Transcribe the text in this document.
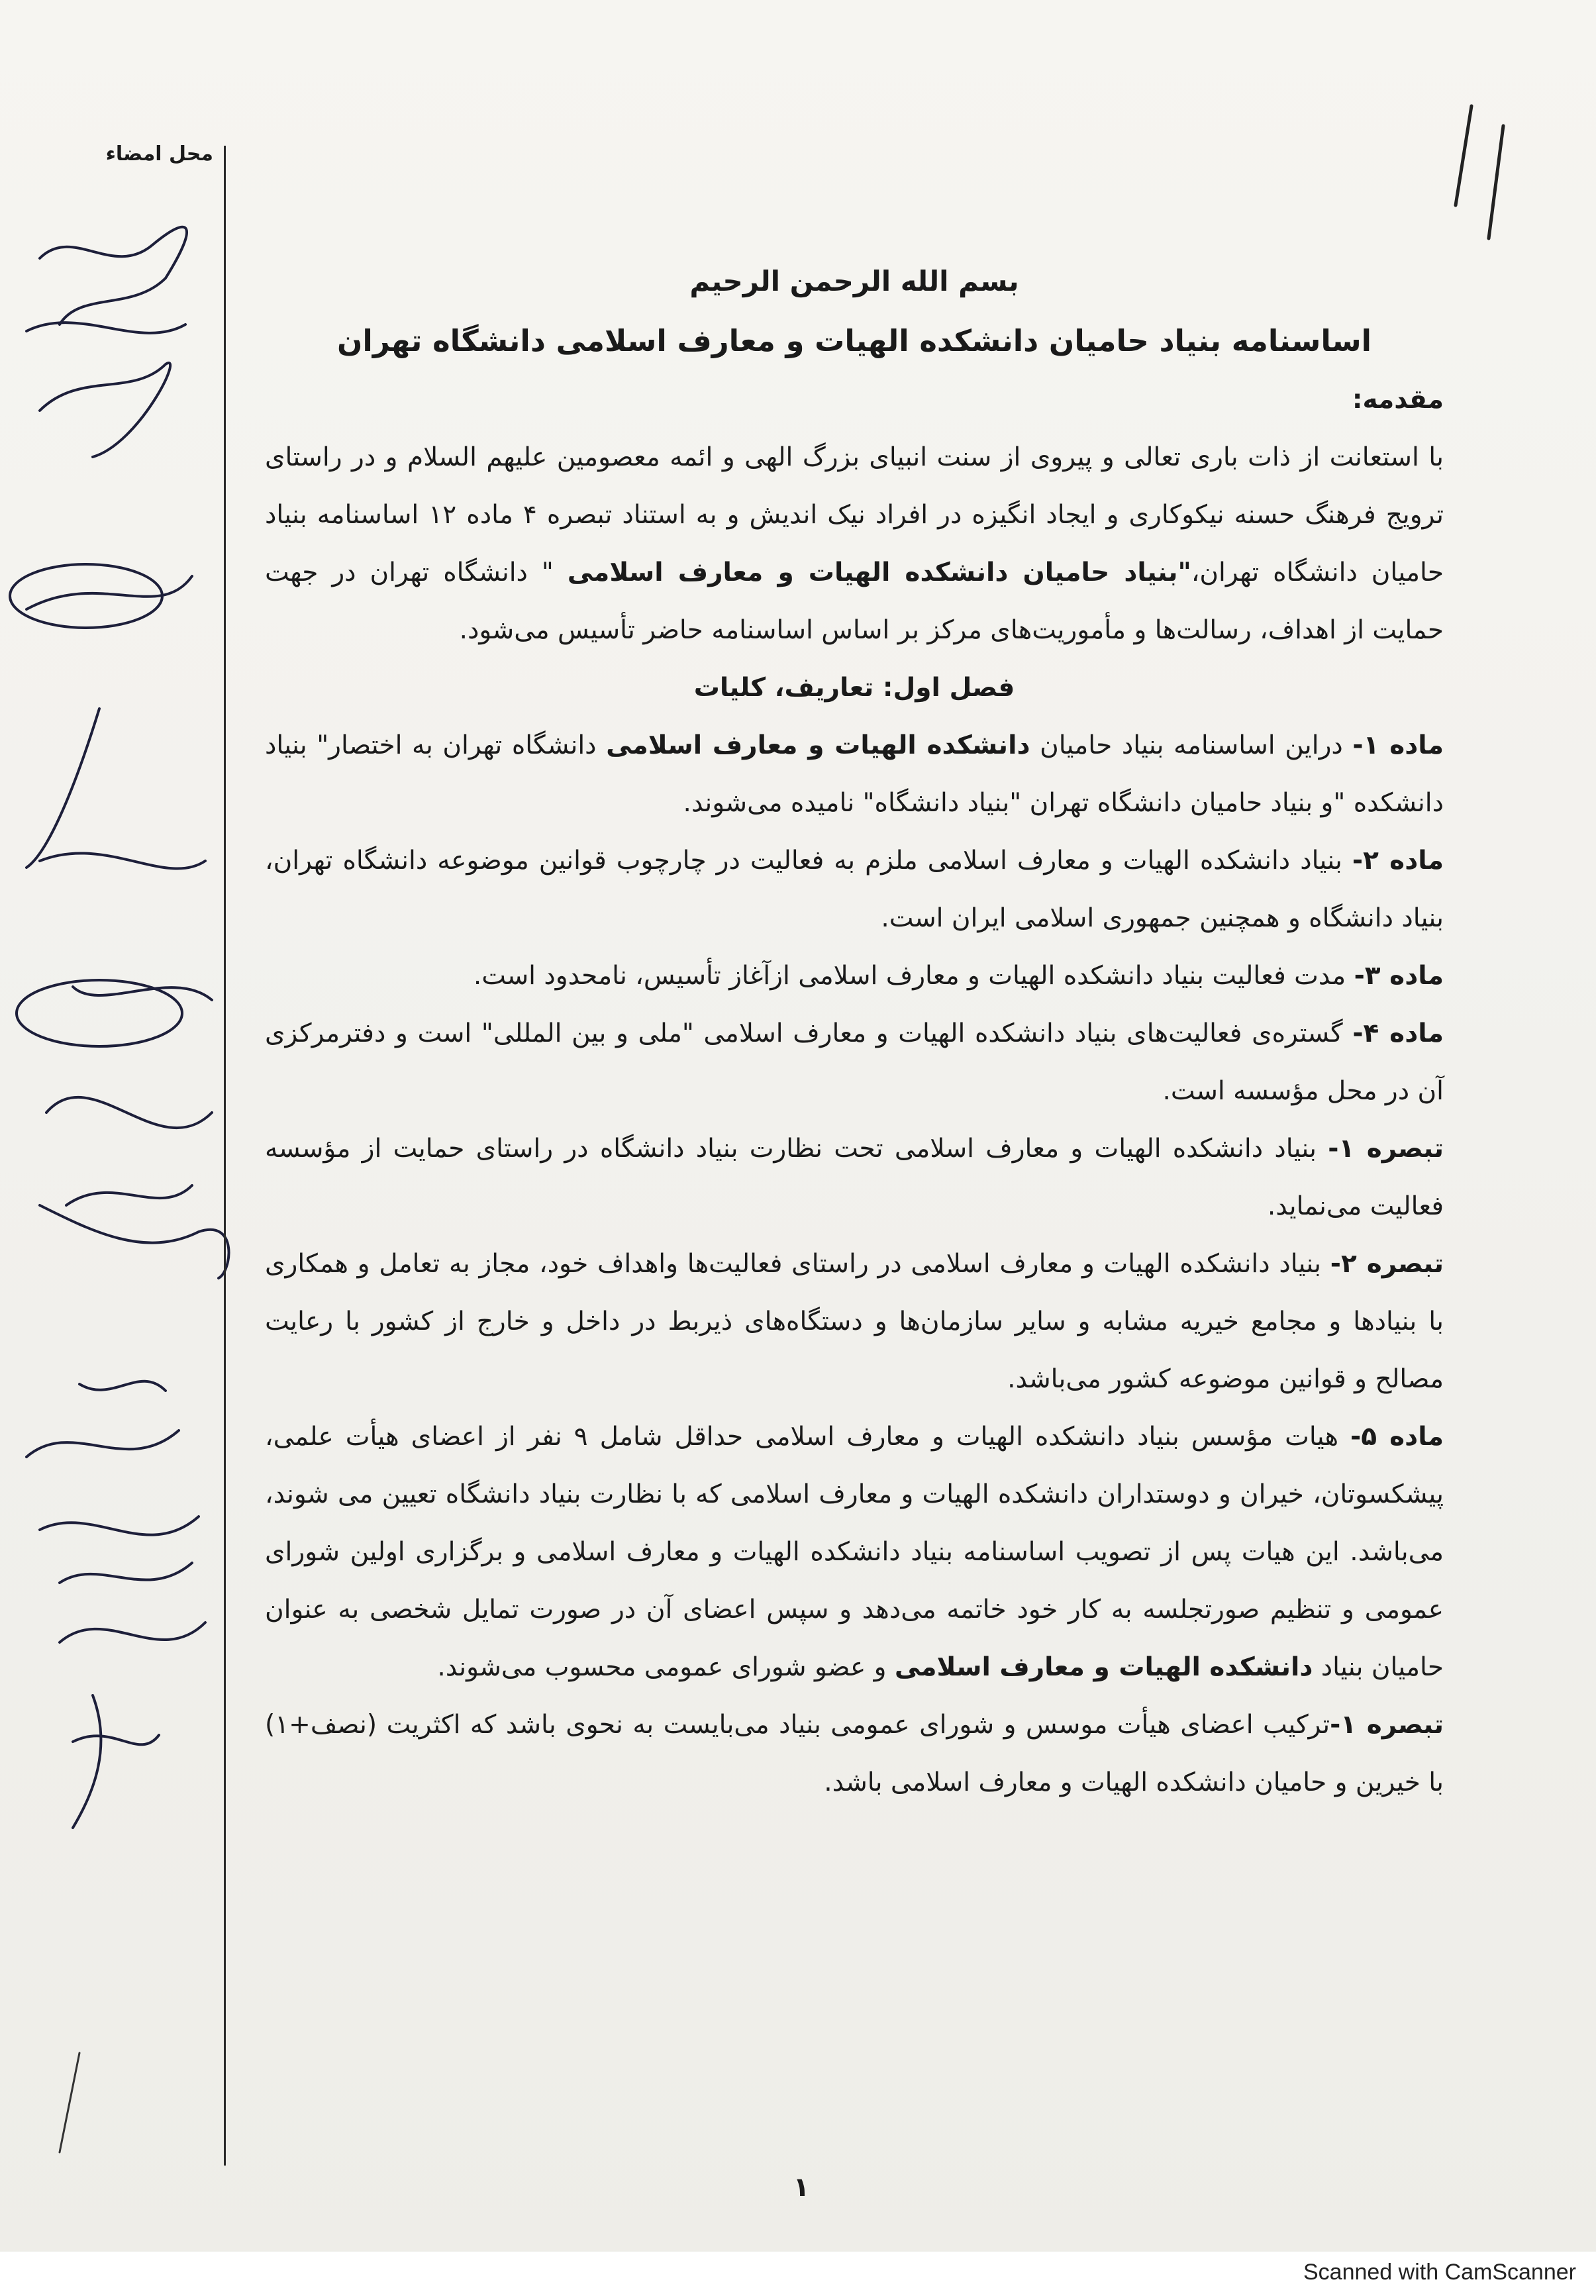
محل امضاء

بسم الله الرحمن الرحیم

اساسنامه بنیاد حامیان دانشکده الهیات و معارف اسلامی دانشگاه تهران

مقدمه:

با استعانت از ذات باری تعالی و پیروی از سنت انبیای بزرگ الهی و ائمه معصومین علیهم السلام و در راستای ترویج فرهنگ حسنه نیکوکاری و ایجاد انگیزه در افراد نیک اندیش و به استناد تبصره ۴ ماده ۱۲ اساسنامه بنیاد حامیان دانشگاه تهران،"بنیاد حامیان دانشکده الهیات و معارف اسلامی " دانشگاه تهران در جهت حمایت از اهداف، رسالت‌ها و مأموریت‌های مرکز بر اساس اساسنامه حاضر تأسیس می‌شود.

فصل اول: تعاریف، کلیات

ماده ۱- دراین اساسنامه بنیاد حامیان دانشکده الهیات و معارف اسلامی دانشگاه تهران به اختصار" بنیاد دانشکده "و بنیاد حامیان دانشگاه تهران "بنیاد دانشگاه" نامیده می‌شوند.

ماده ۲- بنیاد دانشکده الهیات و معارف اسلامی ملزم به فعالیت در چارچوب قوانین موضوعه دانشگاه تهران، بنیاد دانشگاه و همچنین جمهوری اسلامی ایران است.

ماده ۳- مدت فعالیت بنیاد دانشکده الهیات و معارف اسلامی ازآغاز تأسیس، نامحدود است.

ماده ۴- گستره‌ی فعالیت‌های بنیاد دانشکده الهیات و معارف اسلامی "ملی و بین المللی" است و دفترمرکزی آن در محل مؤسسه است.

تبصره ۱- بنیاد دانشکده الهیات و معارف اسلامی تحت نظارت بنیاد دانشگاه در راستای حمایت از مؤسسه فعالیت می‌نماید.

تبصره ۲- بنیاد دانشکده الهیات و معارف اسلامی در راستای فعالیت‌ها واهداف خود، مجاز به تعامل و همکاری با بنیادها و مجامع خیریه مشابه و سایر سازمان‌ها و دستگاه‌های ذیربط در داخل و خارج از کشور با رعایت مصالح و قوانین موضوعه کشور می‌باشد.

ماده ۵- هیات مؤسس بنیاد دانشکده الهیات و معارف اسلامی حداقل شامل ۹ نفر از اعضای هیأت علمی، پیشکسوتان، خیران و دوستداران دانشکده الهیات و معارف اسلامی که با نظارت بنیاد دانشگاه تعیین می شوند، می‌باشد. این هیات پس از تصویب اساسنامه بنیاد دانشکده الهیات و معارف اسلامی و برگزاری اولین شورای عمومی و تنظیم صورتجلسه به کار خود خاتمه می‌دهد و سپس اعضای آن در صورت تمایل شخصی به عنوان حامیان بنیاد دانشکده الهیات و معارف اسلامی و عضو شورای عمومی محسوب می‌شوند.

تبصره ۱-ترکیب اعضای هیأت موسس و شورای عمومی بنیاد می‌بایست به نحوی باشد که اکثریت (نصف+۱) با خیرین و حامیان دانشکده الهیات و معارف اسلامی باشد.

۱
Scanned with CamScanner
